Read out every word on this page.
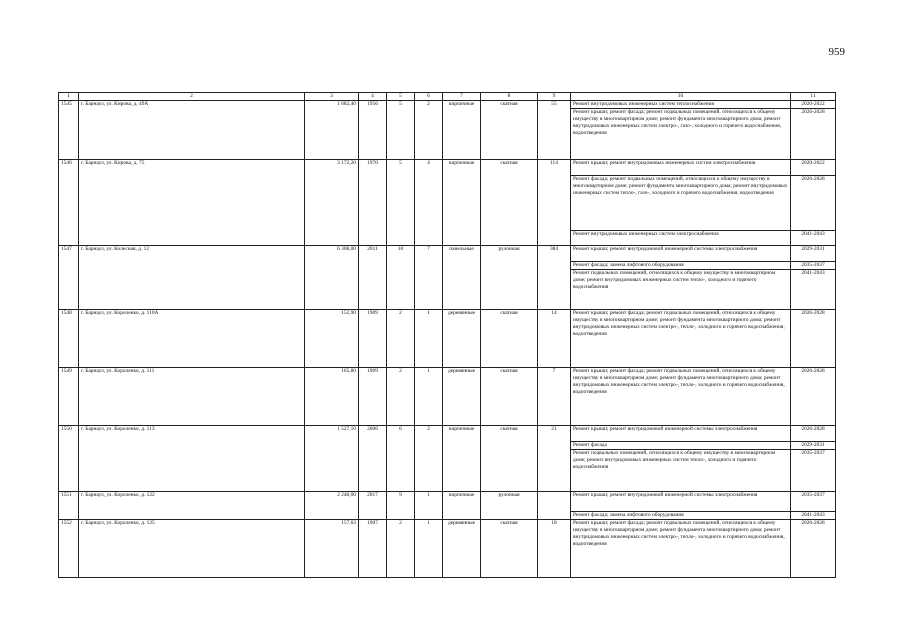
959
1	2	3	4	5	6	7	8	9	10	11
1545	г. Барнаул, ул. Кирова, д. 49А	1 682,40	1956	5	2	кирпичные	скатная	55	Ремонт внутридомовых инженерных систем теплоснабжения	2020-2022
									Ремонт крыши; ремонт фасада; ремонт подвальных помещений, относящихся к общему имуществу в многоквартирном доме; ремонт фундамента многоквартирного дома; ремонт внутридомовых инженерных систем электро-, газо-, холодного и горячего водоснабжения, водоотведения	2026-2028
1546	г. Барнаул, ул. Кирова, д. 75	3 172,20	1970	5	4	кирпичные	скатная	114	Ремонт крыши; ремонт внутридомовых инженерных систем электроснабжения	2020-2022
									Ремонт фасада; ремонт подвальных помещений, относящихся к общему имуществу в многоквартирном доме; ремонт фундамента многоквартирного дома; ремонт внутридомовых инженерных систем тепло-, газо-, холодного и горячего водоснабжения, водоотведения	2026-2028
									Ремонт внутридомовых инженерных систем электроснабжения	2041-2043
1547	г. Барнаул, ул. Колесная, д. 12	6 308,00	2011	10	7	панельные	рулонная	384	Ремонт крыши; ремонт внутридомовой инженерной системы электроснабжения	2029-2031
									Ремонт фасада; замена лифтового оборудования	2035-2037
									Ремонт подвальных помещений, относящихся к общему имуществу в многоквартирном доме; ремонт внутридомовых инженерных систем тепло-, холодного и горячего водоснабжения	2041-2043
1548	г. Барнаул, ул. Короленко, д. 110А	152,90	1909	2	1	деревянные	скатная	14	Ремонт крыши; ремонт фасада; ремонт подвальных помещений, относящихся к общему имуществу в многоквартирном доме; ремонт фундамента многоквартирного дома; ремонт внутридомовых инженерных систем электро-, тепло-, холодного и горячего водоснабжения, водоотведения	2026-2028
1549	г. Барнаул, ул. Короленко, д. 111	165,80	1909	2	1	деревянные	скатная	7	Ремонт крыши; ремонт фасада; ремонт подвальных помещений, относящихся к общему имуществу в многоквартирном доме; ремонт фундамента многоквартирного дома; ремонт внутридомовых инженерных систем электро-, тепло-, холодного и горячего водоснабжения, водоотведения	2026-2028
1550	г. Барнаул, ул. Короленко, д. 113	1 527,10	2006	6	2	кирпичные	скатная	21	Ремонт крыши; ремонт внутридомовой инженерной системы электроснабжения	2026-2028
									Ремонт фасада	2029-2031
									Ремонт подвальных помещений, относящихся к общему имуществу в многоквартирном доме; ремонт внутридомовых инженерных систем тепло-, холодного и горячего водоснабжения	2035-2037
1551	г. Барнаул, ул. Короленко, д. 122	2 248,00	2017	9	1	кирпичные	рулонная		Ремонт крыши; ремонт внутридомовой инженерной системы электроснабжения	2035-2037
									Ремонт фасада; замена лифтового оборудования	2041-2043
1552	г. Барнаул, ул. Короленко, д. 125	157,63	1907	2	1	деревянные	скатная	18	Ремонт крыши; ремонт фасада; ремонт подвальных помещений, относящихся к общему имуществу в многоквартирном доме; ремонт фундамента многоквартирного дома; ремонт внутридомовых инженерных систем электро-, тепло-, холодного и горячего водоснабжения, водоотведения	2026-2028
